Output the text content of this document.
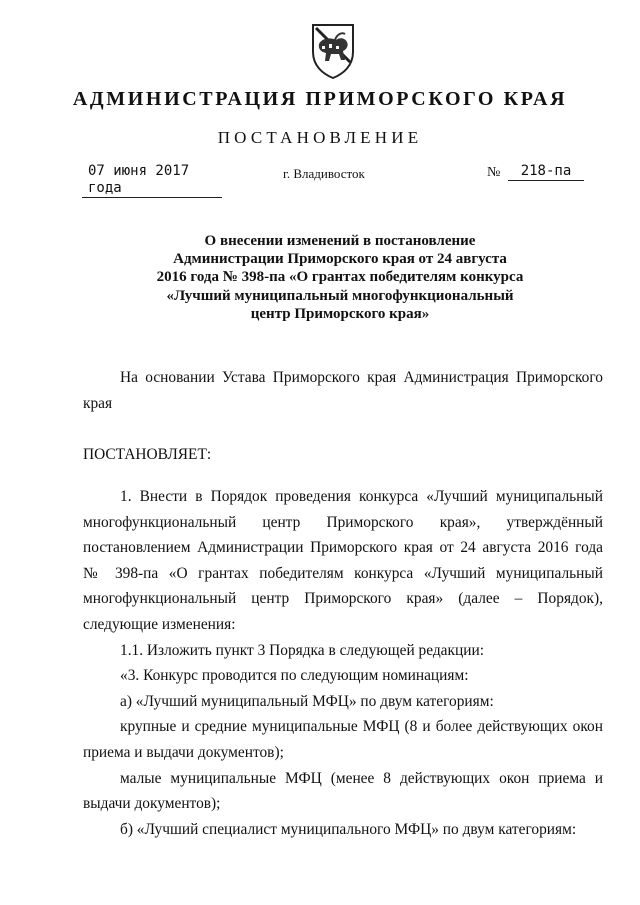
АДМИНИСТРАЦИЯ ПРИМОРСКОГО КРАЯ
ПОСТАНОВЛЕНИЕ
07 июня 2017 года
г. Владивосток	№	218-па
О внесении изменений в постановление
Администрации Приморского края от 24 августа
2016 года № 398-па «О грантах победителям конкурса
«Лучший муниципальный многофункциональный
центр Приморского края»
На основании Устава Приморского края Администрация Приморского
края
ПОСТАНОВЛЯЕТ:
1. Внести в Порядок проведения конкурса «Лучший муниципальный
многофункциональный центр Приморского края», утверждённый
постановлением Администрации Приморского края от 24 августа 2016 года
№ 398-па «О грантах победителям конкурса «Лучший муниципальный
многофункциональный центр Приморского края» (далее – Порядок),
следующие изменения:
1.1. Изложить пункт 3 Порядка в следующей редакции:
«3. Конкурс проводится по следующим номинациям:
а) «Лучший муниципальный МФЦ» по двум категориям:
крупные и средние муниципальные МФЦ (8 и более действующих окон
приема и выдачи документов);
малые муниципальные МФЦ (менее 8 действующих окон приема и
выдачи документов);
б) «Лучший специалист муниципального МФЦ» по двум категориям:
